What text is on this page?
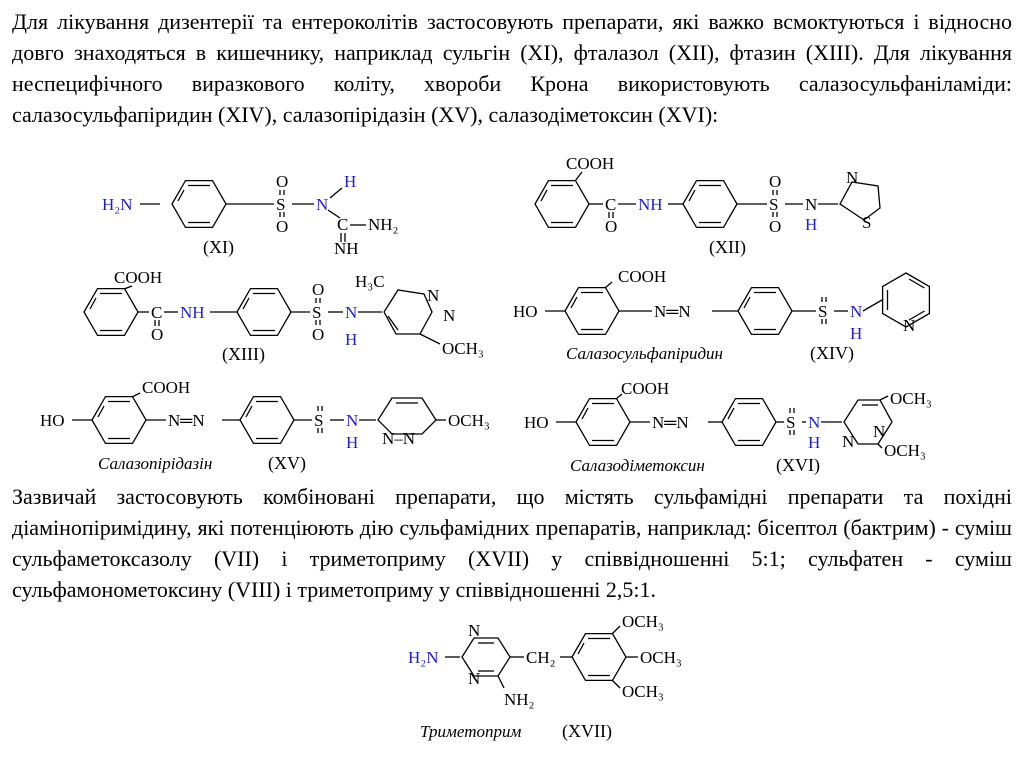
Для лікування дизентерії та ентероколітів застосовують препарати, які важко всмоктуються і відносно довго знаходяться в кишечнику, наприклад сульгін (XI), фталазол (XII), фтазин (XIII). Для лікування неспецифічного виразкового коліту, хвороби Крона використовують салазосульфаніламіди: салазосульфапіридин (XIV), салазопірідазін (XV), салазодіметоксин (XVI):

Зазвичай застосовують комбіновані препарати, що містять сульфамідні препарати та похідні діамінопіримідину, які потенціюють дію сульфамідних препаратів, наприклад: бісептол (бактрим) - суміш сульфаметоксазолу (VII) і триметоприму (XVII) у співвідношенні 5:1; сульфатен - суміш сульфамонометоксину (VIII) і триметоприму у співвідношенні 2,5:1.

H₂N	S
O
O
N
H
C NH₂
NH
(XI)
COOH
C
O
NH	S
O
O
N
H
N
S
(XII)
COOH
C
O
NH	S
O
O
N
H
H₃C
N
N
OCH₃
(XIII)
HO
COOH
N═N	S N
H N
Салазосульфапіридин	(XIV)
HO
COOH
N═N	S N
H N‒N
OCH₃
Салазопірідазін	(XV)
HO
COOH
N═N	S N
H N
N
OCH₃
OCH₃
Салазодіметоксин	(XVI)
H₂N
N
N
NH₂
CH₂
OCH₃
OCH₃
OCH₃
Триметоприм (XVII)
